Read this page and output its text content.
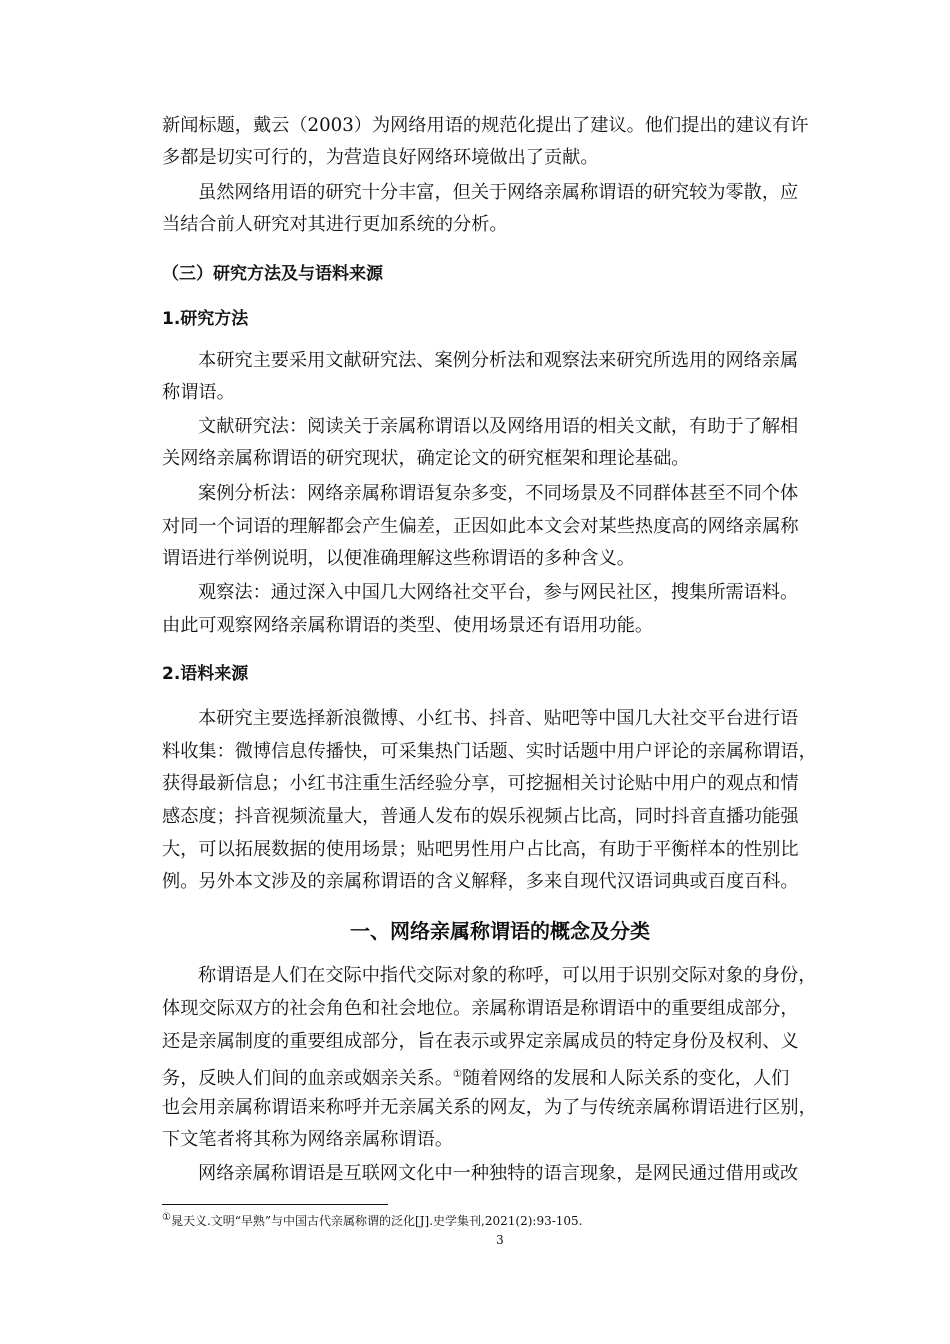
新闻标题，戴云（2003）为网络用语的规范化提出了建议。他们提出的建议有许
多都是切实可行的，为营造良好网络环境做出了贡献。
虽然网络用语的研究十分丰富，但关于网络亲属称谓语的研究较为零散，应
当结合前人研究对其进行更加系统的分析。
（三）研究方法及与语料来源
1.研究方法
本研究主要采用文献研究法、案例分析法和观察法来研究所选用的网络亲属
称谓语。
文献研究法：阅读关于亲属称谓语以及网络用语的相关文献，有助于了解相
关网络亲属称谓语的研究现状，确定论文的研究框架和理论基础。
案例分析法：网络亲属称谓语复杂多变，不同场景及不同群体甚至不同个体
对同一个词语的理解都会产生偏差，正因如此本文会对某些热度高的网络亲属称
谓语进行举例说明，以便准确理解这些称谓语的多种含义。
观察法：通过深入中国几大网络社交平台，参与网民社区，搜集所需语料。
由此可观察网络亲属称谓语的类型、使用场景还有语用功能。
2.语料来源
本研究主要选择新浪微博、小红书、抖音、贴吧等中国几大社交平台进行语
料收集：微博信息传播快，可采集热门话题、实时话题中用户评论的亲属称谓语，
获得最新信息；小红书注重生活经验分享，可挖掘相关讨论贴中用户的观点和情
感态度；抖音视频流量大，普通人发布的娱乐视频占比高，同时抖音直播功能强
大，可以拓展数据的使用场景；贴吧男性用户占比高，有助于平衡样本的性别比
例。另外本文涉及的亲属称谓语的含义解释，多来自现代汉语词典或百度百科。
一、网络亲属称谓语的概念及分类
称谓语是人们在交际中指代交际对象的称呼，可以用于识别交际对象的身份，
体现交际双方的社会角色和社会地位。亲属称谓语是称谓语中的重要组成部分，
还是亲属制度的重要组成部分，旨在表示或界定亲属成员的特定身份及权利、义
务，反映人们间的血亲或姻亲关系。①随着网络的发展和人际关系的变化，人们
也会用亲属称谓语来称呼并无亲属关系的网友，为了与传统亲属称谓语进行区别，
下文笔者将其称为网络亲属称谓语。
网络亲属称谓语是互联网文化中一种独特的语言现象，是网民通过借用或改
①晁天义.文明“早熟”与中国古代亲属称谓的泛化[J].史学集刊,2021(2):93-105.
3
